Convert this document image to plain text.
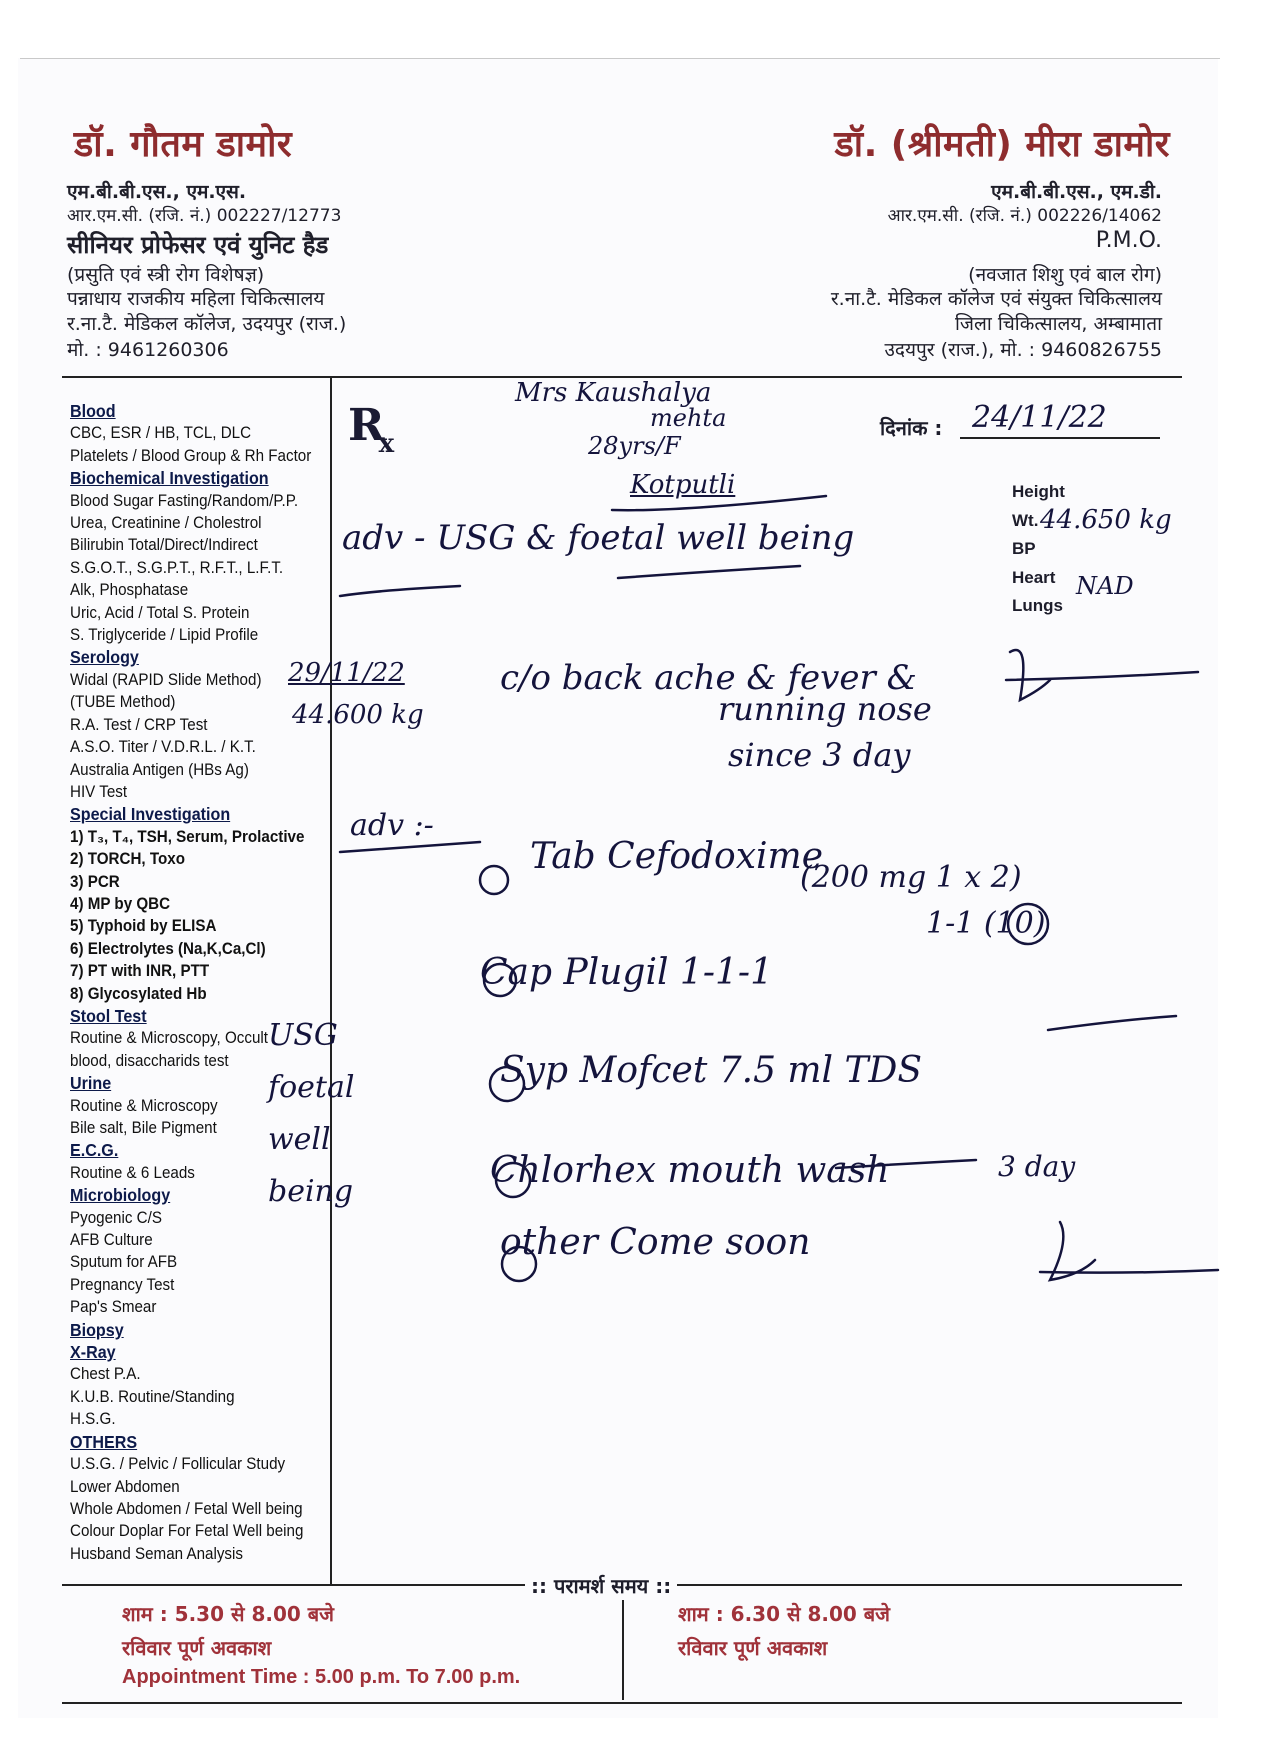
डॉ. गौतम डामोर
एम.बी.बी.एस., एम.एस.
आर.एम.सी. (रजि. नं.) 002227/12773
सीनियर प्रोफेसर एवं युनिट हैड
(प्रसुति एवं स्त्री रोग विशेषज्ञ)
पन्नाधाय राजकीय महिला चिकित्सालय
र.ना.टै. मेडिकल कॉलेज, उदयपुर (राज.)
मो. : 9461260306
डॉ. (श्रीमती) मीरा डामोर
एम.बी.बी.एस., एम.डी.
आर.एम.सी. (रजि. नं.) 002226/14062
P.M.O.
(नवजात शिशु एवं बाल रोग)
र.ना.टै. मेडिकल कॉलेज एवं संयुक्त चिकित्सालय
जिला चिकित्सालय, अम्बामाता
उदयपुर (राज.), मो. : 9460826755
Blood
CBC, ESR / HB, TCL, DLC
Platelets / Blood Group & Rh Factor
Biochemical Investigation
Blood Sugar Fasting/Random/P.P.
Urea, Creatinine / Cholestrol
Bilirubin Total/Direct/Indirect
S.G.O.T., S.G.P.T., R.F.T., L.F.T.
Alk, Phosphatase
Uric, Acid / Total S. Protein
S. Triglyceride / Lipid Profile
Serology
Widal (RAPID Slide Method)
(TUBE Method)
R.A. Test / CRP Test
A.S.O. Titer / V.D.R.L. / K.T.
Australia Antigen (HBs Ag)
HIV Test
Special Investigation
1) T₃, T₄, TSH, Serum, Prolactive
2) TORCH, Toxo
3) PCR
4) MP by QBC
5) Typhoid by ELISA
6) Electrolytes (Na,K,Ca,Cl)
7) PT with INR, PTT
8) Glycosylated Hb
Stool Test
Routine & Microscopy, Occult
blood, disaccharids test
Urine
Routine & Microscopy
Bile salt, Bile Pigment
E.C.G.
Routine & 6 Leads
Microbiology
Pyogenic C/S
AFB Culture
Sputum for AFB
Pregnancy Test
Pap's Smear
Biopsy
X-Ray
Chest P.A.
K.U.B. Routine/Standing
H.S.G.
OTHERS
U.S.G. / Pelvic / Follicular Study
Lower Abdomen
Whole Abdomen / Fetal Well being
Colour Doplar For Fetal Well being
Husband Seman Analysis
$R_x$
दिनांक :
Height
Wt.
BP
Heart
Lungs
Mrs Kaushalya
mehta
28yrs/F
Kotputli
24/11/22
44.650 kg
NAD
adv - USG & foetal well being
29/11/22
44.600 kg
c/o back ache & fever &
running nose
since 3 day
adv :-
Tab Cefodoxime
(200 mg 1 x 2)
1-1 (10)
Cap Plugil 1-1-1
Syp Mofcet 7.5 ml TDS
Chlorhex mouth wash	3 day
other Come soon
USG foetal well being
:: परामर्श समय ::
शाम : 5.30 से 8.00 बजे
रविवार पूर्ण अवकाश
शाम : 6.30 से 8.00 बजे
रविवार पूर्ण अवकाश
Appointment Time : 5.00 p.m. To 7.00 p.m.
